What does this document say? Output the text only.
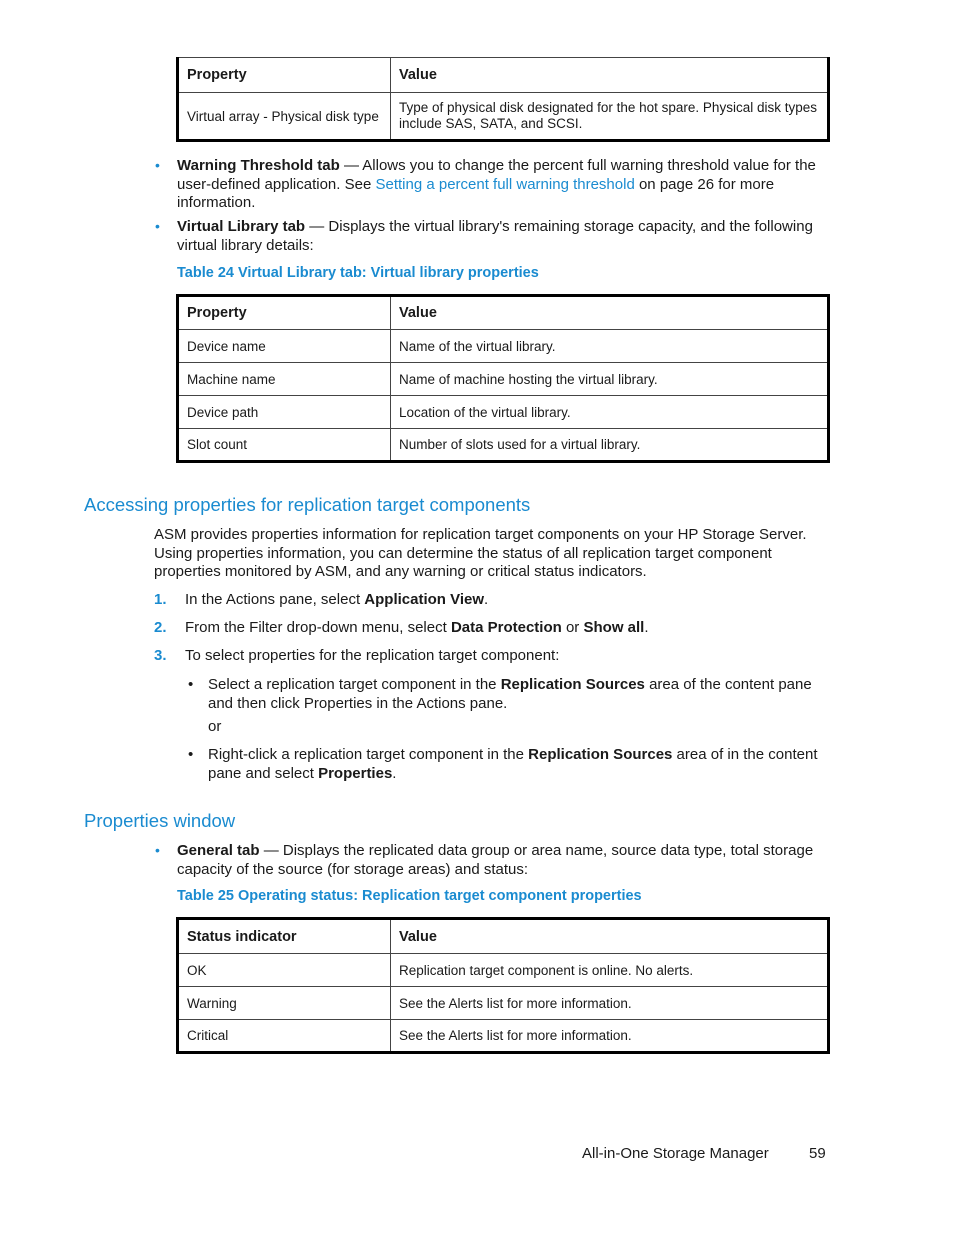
Property	Value
Virtual array - Physical disk type	Type of physical disk designated for the hot spare. Physical disk types include SAS, SATA, and SCSI.
• Warning Threshold tab — Allows you to change the percent full warning threshold value for the user-defined application. See Setting a percent full warning threshold on page 26 for more information.
• Virtual Library tab — Displays the virtual library's remaining storage capacity, and the following virtual library details:
Table 24 Virtual Library tab: Virtual library properties
Property	Value
Device name	Name of the virtual library.
Machine name	Name of machine hosting the virtual library.
Device path	Location of the virtual library.
Slot count	Number of slots used for a virtual library.
Accessing properties for replication target components
ASM provides properties information for replication target components on your HP Storage Server. Using properties information, you can determine the status of all replication target component properties monitored by ASM, and any warning or critical status indicators.
1. In the Actions pane, select Application View.
2. From the Filter drop-down menu, select Data Protection or Show all.
3. To select properties for the replication target component:
• Select a replication target component in the Replication Sources area of the content pane and then click Properties in the Actions pane.
or
• Right-click a replication target component in the Replication Sources area of in the content pane and select Properties.
Properties window
• General tab — Displays the replicated data group or area name, source data type, total storage capacity of the source (for storage areas) and status:
Table 25 Operating status: Replication target component properties
Status indicator	Value
OK	Replication target component is online. No alerts.
Warning	See the Alerts list for more information.
Critical	See the Alerts list for more information.
All-in-One Storage Manager	59
